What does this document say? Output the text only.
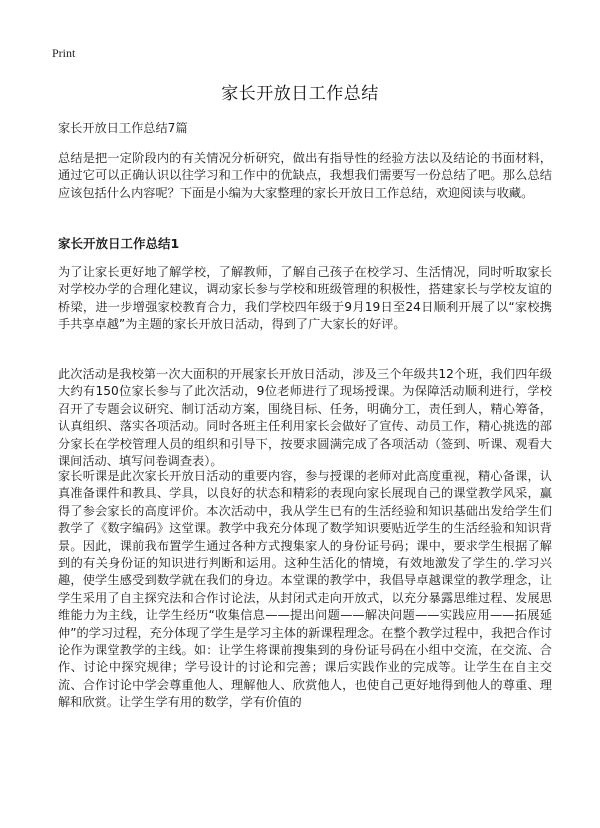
Print
家长开放日工作总结
家长开放日工作总结7篇

总结是把一定阶段内的有关情况分析研究，做出有指导性的经验方法以及结论的书面材料，通过它可以正确认识以往学习和工作中的优缺点，我想我们需要写一份总结了吧。那么总结应该包括什么内容呢？下面是小编为大家整理的家长开放日工作总结，欢迎阅读与收藏。

家长开放日工作总结1

为了让家长更好地了解学校，了解教师，了解自己孩子在校学习、生活情况，同时听取家长对学校办学的合理化建议，调动家长参与学校和班级管理的积极性，搭建家长与学校友谊的桥梁，进一步增强家校教育合力，我们学校四年级于9月19日至24日顺利开展了以“家校携手共享卓越”为主题的家长开放日活动，得到了广大家长的好评。

此次活动是我校第一次大面积的开展家长开放日活动，涉及三个年级共12个班，我们四年级大约有150位家长参与了此次活动，9位老师进行了现场授课。为保障活动顺利进行，学校召开了专题会议研究、制订活动方案，围绕目标、任务，明确分工，责任到人，精心筹备，认真组织、落实各项活动。同时各班主任利用家长会做好了宣传、动员工作，精心挑选的部分家长在学校管理人员的组织和引导下，按要求圆满完成了各项活动（签到、听课、观看大课间活动、填写问卷调查表）。

家长听课是此次家长开放日活动的重要内容，参与授课的老师对此高度重视，精心备课，认真准备课件和教具、学具，以良好的状态和精彩的表现向家长展现自己的课堂教学风采，赢得了参会家长的高度评价。本次活动中，我从学生已有的生活经验和知识基础出发给学生们教学了《数字编码》这堂课。教学中我充分体现了数学知识要贴近学生的生活经验和知识背景。因此，课前我布置学生通过各种方式搜集家人的身份证号码；课中，要求学生根据了解到的有关身份证的知识进行判断和运用。这种生活化的情境，有效地激发了学生的.学习兴趣，使学生感受到数学就在我们的身边。本堂课的教学中，我倡导卓越课堂的教学理念，让学生采用了自主探究法和合作讨论法，从封闭式走向开放式，以充分暴露思维过程、发展思维能力为主线，让学生经历“收集信息——提出问题——解决问题——实践应用——拓展延伸”的学习过程，充分体现了学生是学习主体的新课程理念。在整个教学过程中，我把合作讨论作为课堂教学的主线。如：让学生将课前搜集到的身份证号码在小组中交流，在交流、合作、讨论中探究规律；学号设计的讨论和完善；课后实践作业的完成等。让学生在自主交流、合作讨论中学会尊重他人、理解他人、欣赏他人，也使自己更好地得到他人的尊重、理解和欣赏。让学生学有用的数学，学有价值的
